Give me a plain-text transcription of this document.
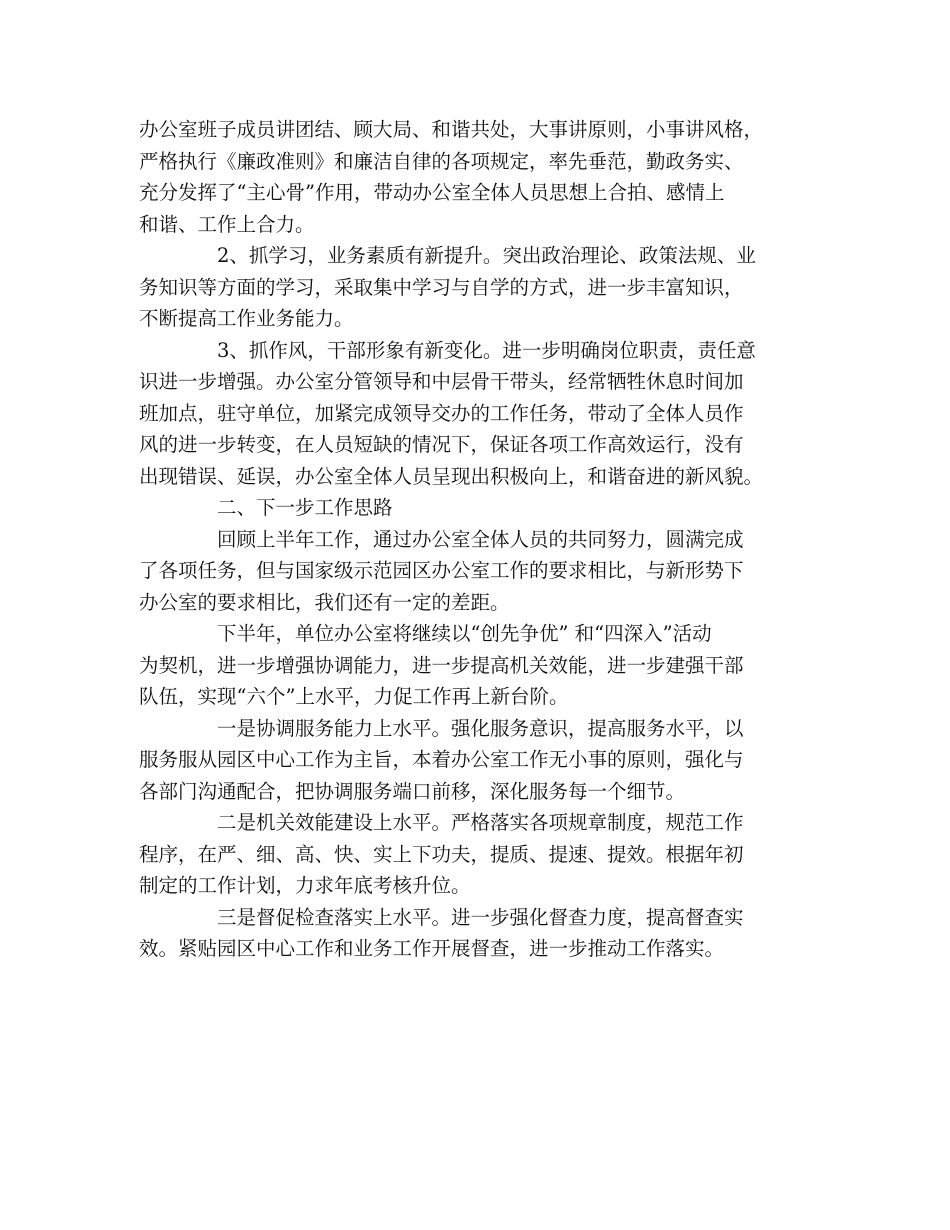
办公室班子成员讲团结、顾大局、和谐共处，大事讲原则，小事讲风格，
严格执行《廉政准则》和廉洁自律的各项规定，率先垂范，勤政务实、
充分发挥了“主心骨”作用，带动办公室全体人员思想上合拍、感情上
和谐、工作上合力。
2、抓学习，业务素质有新提升。突出政治理论、政策法规、业
务知识等方面的学习，采取集中学习与自学的方式，进一步丰富知识，
不断提高工作业务能力。
3、抓作风，干部形象有新变化。进一步明确岗位职责，责任意
识进一步增强。办公室分管领导和中层骨干带头，经常牺牲休息时间加
班加点，驻守单位，加紧完成领导交办的工作任务，带动了全体人员作
风的进一步转变，在人员短缺的情况下，保证各项工作高效运行，没有
出现错误、延误，办公室全体人员呈现出积极向上，和谐奋进的新风貌。
二、下一步工作思路
回顾上半年工作，通过办公室全体人员的共同努力，圆满完成
了各项任务，但与国家级示范园区办公室工作的要求相比，与新形势下
办公室的要求相比，我们还有一定的差距。
下半年，单位办公室将继续以“创先争优” 和“四深入”活动
为契机，进一步增强协调能力，进一步提高机关效能，进一步建强干部
队伍，实现“六个”上水平，力促工作再上新台阶。
一是协调服务能力上水平。强化服务意识，提高服务水平，以
服务服从园区中心工作为主旨，本着办公室工作无小事的原则，强化与
各部门沟通配合，把协调服务端口前移，深化服务每一个细节。
二是机关效能建设上水平。严格落实各项规章制度，规范工作
程序，在严、细、高、快、实上下功夫，提质、提速、提效。根据年初
制定的工作计划，力求年底考核升位。
三是督促检查落实上水平。进一步强化督查力度，提高督查实
效。紧贴园区中心工作和业务工作开展督查，进一步推动工作落实。
